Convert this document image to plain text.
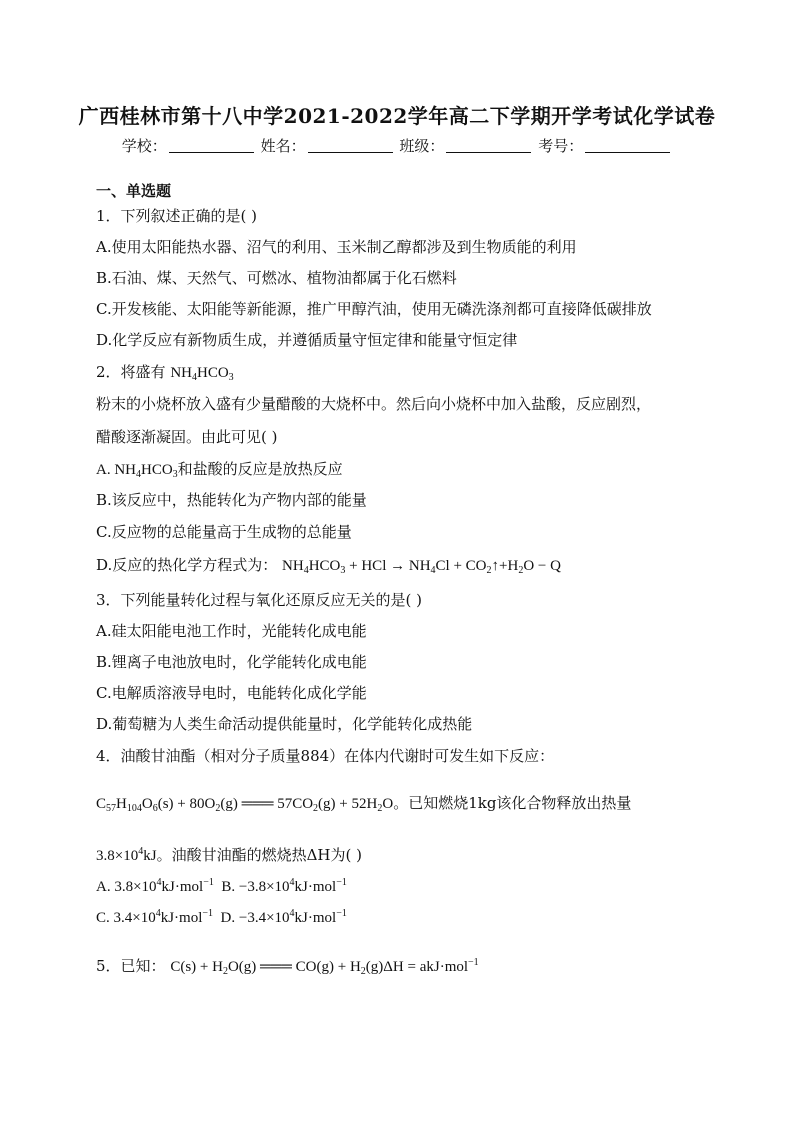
广西桂林市第十八中学2021-2022学年高二下学期开学考试化学试卷
学校：	姓名：	班级：	考号：
一、单选题
1．下列叙述正确的是( )
A.使用太阳能热水器、沼气的利用、玉米制乙醇都涉及到生物质能的利用
B.石油、煤、天然气、可燃冰、植物油都属于化石燃料
C.开发核能、太阳能等新能源，推广甲醇汽油，使用无磷洗涤剂都可直接降低碳排放
D.化学反应有新物质生成，并遵循质量守恒定律和能量守恒定律
2．将盛有 $NH_4HCO_3$
粉末的小烧杯放入盛有少量醋酸的大烧杯中。然后向小烧杯中加入盐酸，反应剧烈，
醋酸逐渐凝固。由此可见( )
A. $NH_4HCO_3$和盐酸的反应是放热反应
B.该反应中，热能转化为产物内部的能量
C.反应物的总能量高于生成物的总能量
D.反应的热化学方程式为： $NH_4HCO_3$ + HCl → $NH_4Cl$ + $CO_2↑+H_2O - Q$
3．下列能量转化过程与氧化还原反应无关的是( )
A.硅太阳能电池工作时，光能转化成电能
B.锂离子电池放电时，化学能转化成电能
C.电解质溶液导电时，电能转化成化学能
D.葡萄糖为人类生命活动提供能量时，化学能转化成热能
4．油酸甘油酯（相对分子质量884）在体内代谢时可发生如下反应：
$C_{57}H_{104}O_6(s) + 80O_2(g)$ ═══ $57CO_2(g) + 52H_2O$。已知燃烧1kg该化合物释放出热量
$3.8\times 10^4kJ$。油酸甘油酯的燃烧热ΔH为( )
A. $3.8\times 10^4kJ\cdot mol^{-1}$  B. $-3.8\times 10^4kJ\cdot mol^{-1}$
C. $3.4\times 10^4kJ\cdot mol^{-1}$  D. $-3.4\times 10^4kJ\cdot mol^{-1}$
5．已知： $C(s) + H_2O(g)$ ═══ $CO(g) + H_2(g)\Delta H = akJ\cdot mol^{-1}$
